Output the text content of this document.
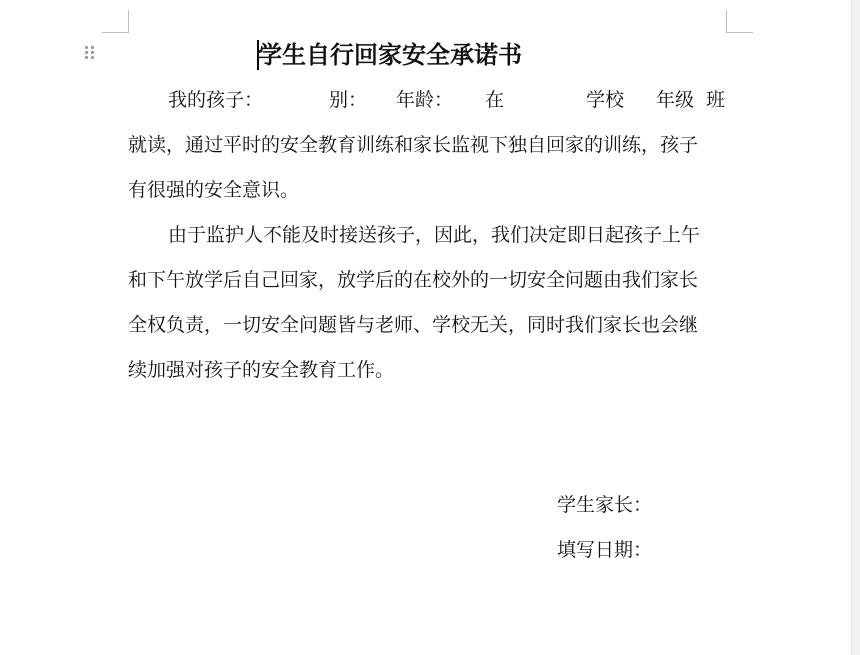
学生自行回家安全承诺书
我的孩子：	别： 年龄： 在	学校 年级 班
就读，通过平时的安全教育训练和家长监视下独自回家的训练，孩子
有很强的安全意识。
由于监护人不能及时接送孩子，因此，我们决定即日起孩子上午
和下午放学后自己回家，放学后的在校外的一切安全问题由我们家长
全权负责，一切安全问题皆与老师、学校无关，同时我们家长也会继
续加强对孩子的安全教育工作。
学生家长：
填写日期：
